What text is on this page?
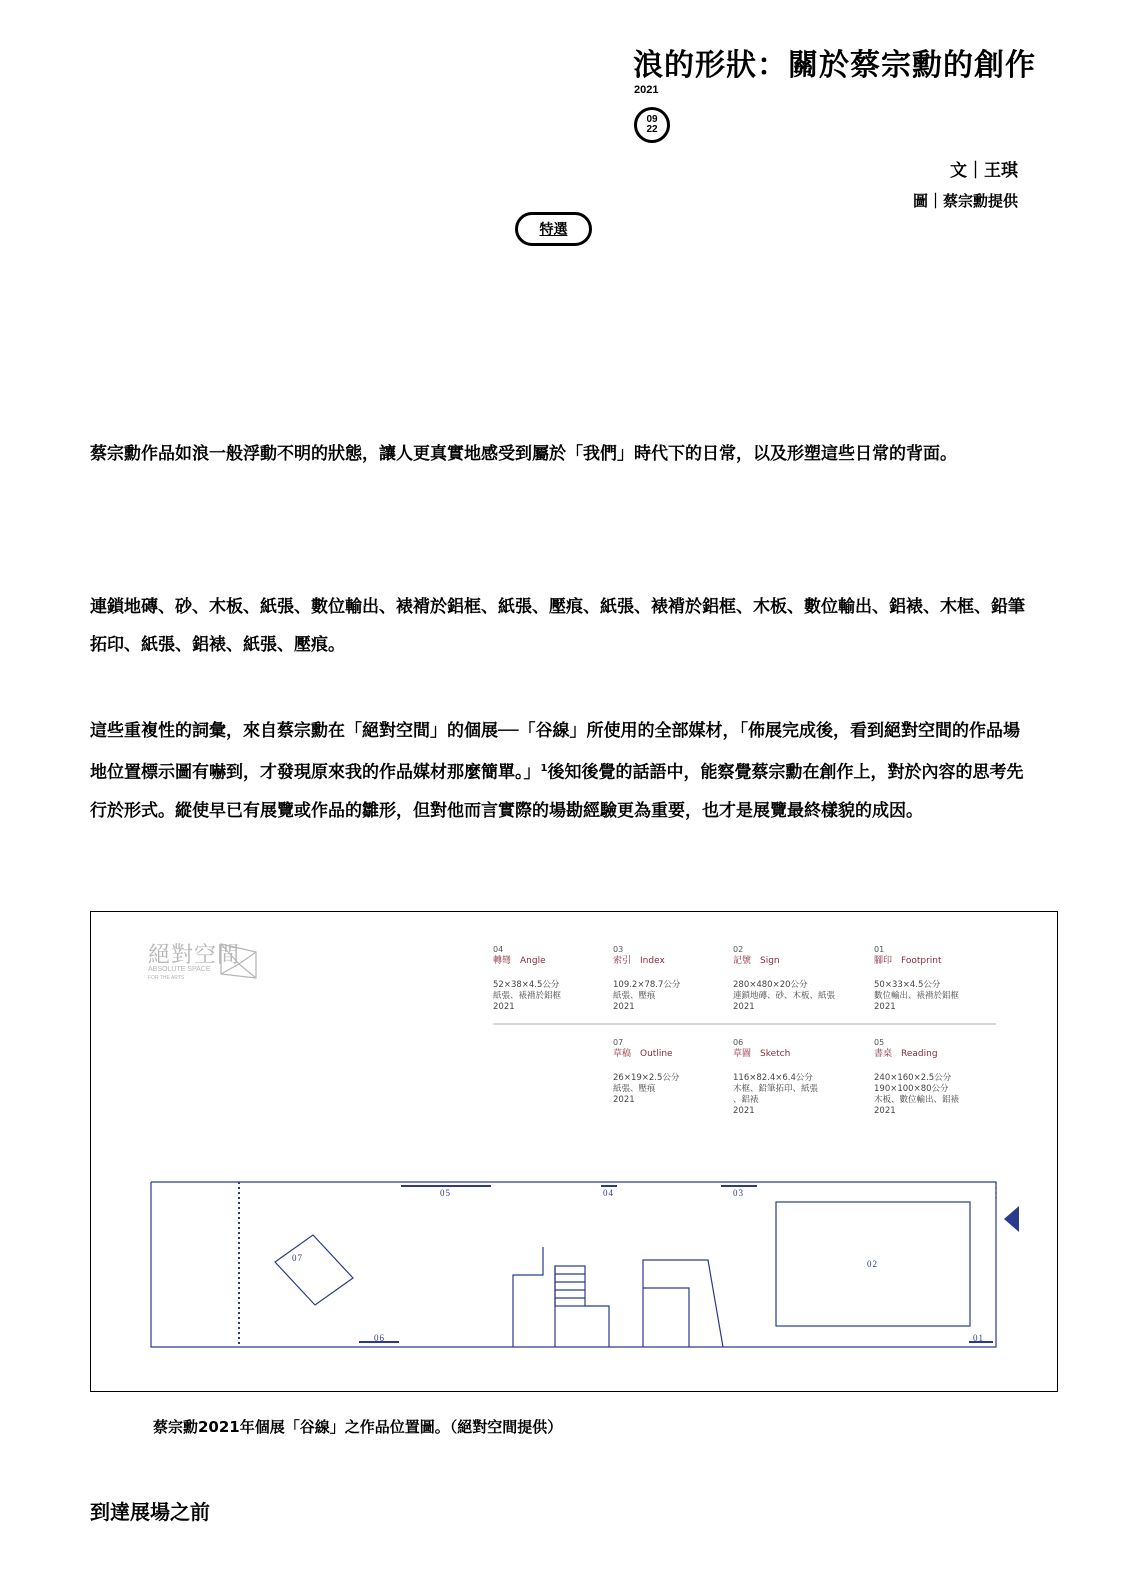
浪的形狀：關於蔡宗勳的創作
2021
09
22
文｜王琪
圖｜蔡宗勳提供
特選
蔡宗勳作品如浪一般浮動不明的狀態，讓人更真實地感受到屬於「我們」時代下的日常，以及形塑這些日常的背面。
連鎖地磚、砂、木板、紙張、數位輸出、裱褙於鋁框、紙張、壓痕、紙張、裱褙於鋁框、木板、數位輸出、鋁裱、木框、鉛筆拓印、紙張、鋁裱、紙張、壓痕。
這些重複性的詞彙，來自蔡宗勳在「絕對空間」的個展──「谷線」所使用的全部媒材，「佈展完成後，看到絕對空間的作品場地位置標示圖有嚇到，才發現原來我的作品媒材那麼簡單。」$^1$後知後覺的話語中，能察覺蔡宗勳在創作上，對於內容的思考先行於形式。縱使早已有展覽或作品的雛形，但對他而言實際的場勘經驗更為重要，也才是展覽最終樣貌的成因。
絕對空間
ABSOLUTE SPACE
FOR THE ARTS
04
轉彎　Angle
52×38×4.5公分
紙張、裱褙於鋁框
2021
03
索引　Index
109.2×78.7公分
紙張、壓痕
2021
02
記號　Sign
280×480×20公分
連鎖地磚、砂、木板、紙張
2021
01
腳印　Footprint
50×33×4.5公分
數位輸出、裱褙於鋁框
2021
07
草稿　Outline
26×19×2.5公分
紙張、壓痕
2021
06
草圖　Sketch
116×82.4×6.4公分
木框、鉛筆拓印、紙張
、鋁裱
2021
05
書桌　Reading
240×160×2.5公分
190×100×80公分
木板、數位輸出、鋁裱
2021
05	04	03
07
02
06	01
蔡宗勳2021年個展「谷線」之作品位置圖。（絕對空間提供）
到達展場之前
